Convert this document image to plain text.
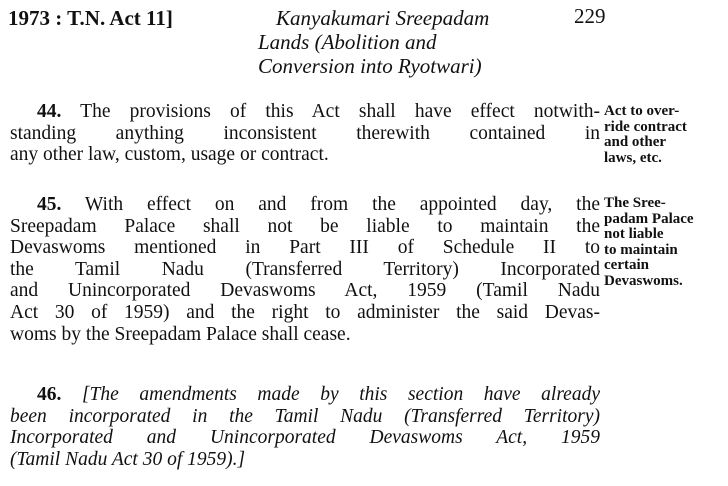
1973 : T.N. Act 11]	Kanyakumari Sreepadam
Lands (Abolition and
Conversion into Ryotwari)
229
44. The provisions of this Act shall have effect notwith-
standing anything inconsistent therewith contained in
any other law, custom, usage or contract.
Act to over-
ride contract
and other
laws, etc.
45. With effect on and from the appointed day, the
Sreepadam Palace shall not be liable to maintain the
Devaswoms mentioned in Part III of Schedule II to
the Tamil Nadu (Transferred Territory) Incorporated
and Unincorporated Devaswoms Act, 1959 (Tamil Nadu
Act 30 of 1959) and the right to administer the said Devas-
woms by the Sreepadam Palace shall cease.
The Sree-
padam Palace
not liable
to maintain
certain
Devaswoms.
46. [The amendments made by this section have already
been incorporated in the Tamil Nadu (Transferred Territory)
Incorporated and Unincorporated Devaswoms Act, 1959
(Tamil Nadu Act 30 of 1959).]
